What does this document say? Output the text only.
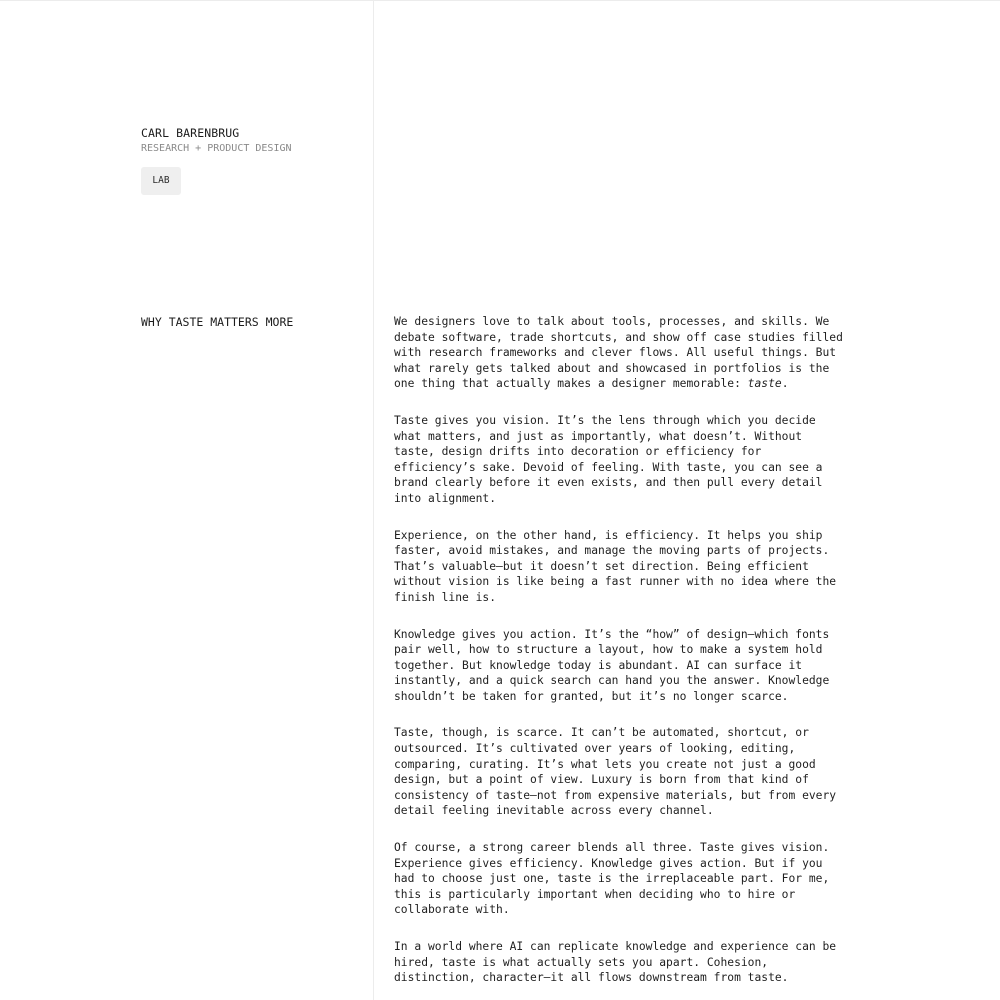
CARL BARENBRUG
RESEARCH + PRODUCT DESIGN
LAB
WHY TASTE MATTERS MORE	We designers love to talk about tools, processes, and skills. We
debate software, trade shortcuts, and show off case studies filled
with research frameworks and clever flows. All useful things. But
what rarely gets talked about and showcased in portfolios is the
one thing that actually makes a designer memorable: taste.

Taste gives you vision. It’s the lens through which you decide
what matters, and just as importantly, what doesn’t. Without
taste, design drifts into decoration or efficiency for
efficiency’s sake. Devoid of feeling. With taste, you can see a
brand clearly before it even exists, and then pull every detail
into alignment.

Experience, on the other hand, is efficiency. It helps you ship
faster, avoid mistakes, and manage the moving parts of projects.
That’s valuable—but it doesn’t set direction. Being efficient
without vision is like being a fast runner with no idea where the
finish line is.

Knowledge gives you action. It’s the “how” of design—which fonts
pair well, how to structure a layout, how to make a system hold
together. But knowledge today is abundant. AI can surface it
instantly, and a quick search can hand you the answer. Knowledge
shouldn’t be taken for granted, but it’s no longer scarce.

Taste, though, is scarce. It can’t be automated, shortcut, or
outsourced. It’s cultivated over years of looking, editing,
comparing, curating. It’s what lets you create not just a good
design, but a point of view. Luxury is born from that kind of
consistency of taste—not from expensive materials, but from every
detail feeling inevitable across every channel.

Of course, a strong career blends all three. Taste gives vision.
Experience gives efficiency. Knowledge gives action. But if you
had to choose just one, taste is the irreplaceable part. For me,
this is particularly important when deciding who to hire or
collaborate with.

In a world where AI can replicate knowledge and experience can be
hired, taste is what actually sets you apart. Cohesion,
distinction, character—it all flows downstream from taste.
